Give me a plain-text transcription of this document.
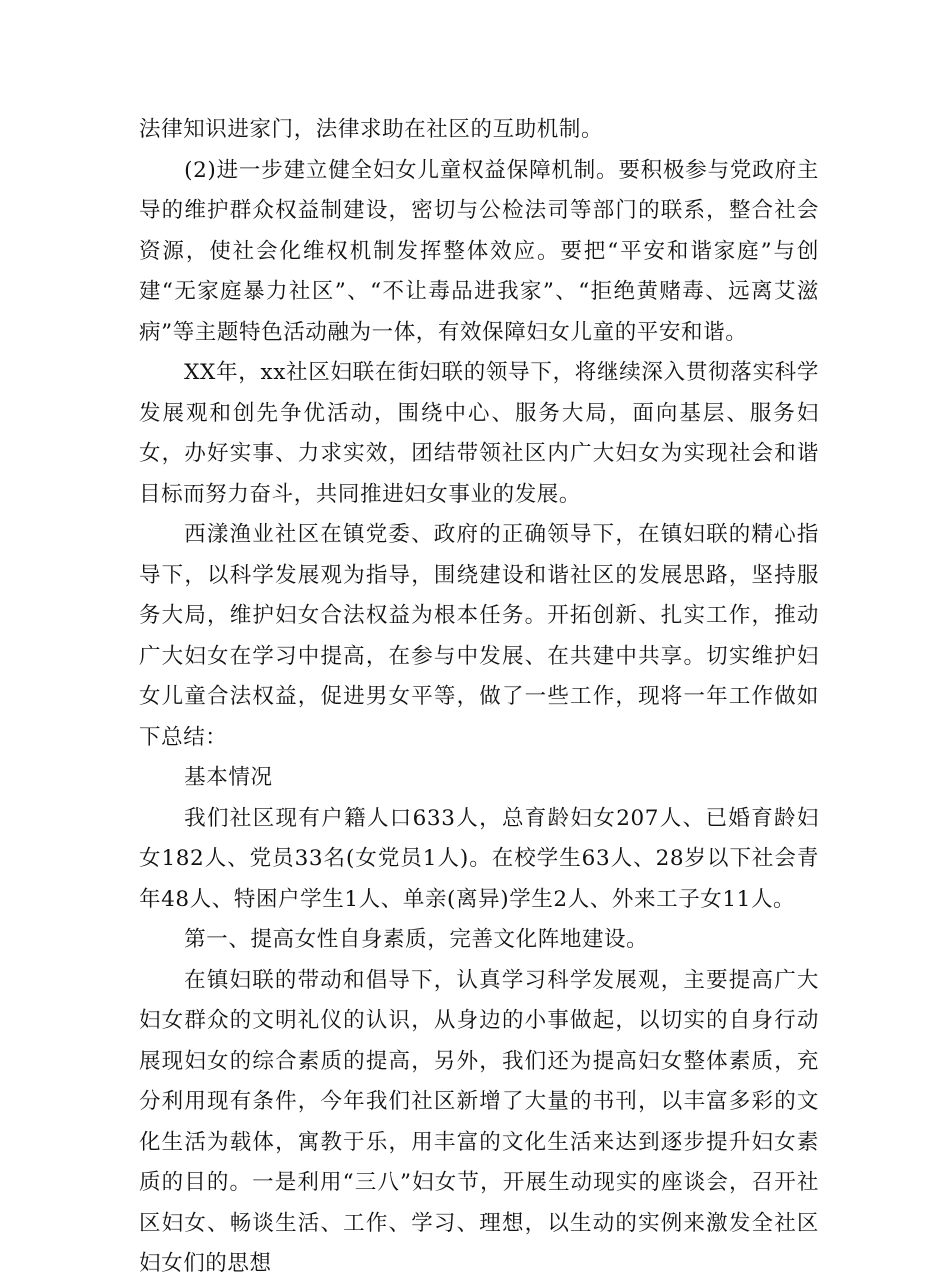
法律知识进家门，法律求助在社区的互助机制。

(2)进一步建立健全妇女儿童权益保障机制。要积极参与党政府主导的维护群众权益制建设，密切与公检法司等部门的联系，整合社会资源，使社会化维权机制发挥整体效应。要把“平安和谐家庭”与创建“无家庭暴力社区”、“不让毒品进我家”、“拒绝黄赌毒、远离艾滋病”等主题特色活动融为一体，有效保障妇女儿童的平安和谐。

XX年，xx社区妇联在街妇联的领导下，将继续深入贯彻落实科学发展观和创先争优活动，围绕中心、服务大局，面向基层、服务妇女，办好实事、力求实效，团结带领社区内广大妇女为实现社会和谐目标而努力奋斗，共同推进妇女事业的发展。

西漾渔业社区在镇党委、政府的正确领导下，在镇妇联的精心指导下，以科学发展观为指导，围绕建设和谐社区的发展思路，坚持服务大局，维护妇女合法权益为根本任务。开拓创新、扎实工作，推动广大妇女在学习中提高，在参与中发展、在共建中共享。切实维护妇女儿童合法权益，促进男女平等，做了一些工作，现将一年工作做如下总结：

基本情况

我们社区现有户籍人口633人，总育龄妇女207人、已婚育龄妇女182人、党员33名(女党员1人)。在校学生63人、28岁以下社会青年48人、特困户学生1人、单亲(离异)学生2人、外来工子女11人。

第一、提高女性自身素质，完善文化阵地建设。

在镇妇联的带动和倡导下，认真学习科学发展观，主要提高广大妇女群众的文明礼仪的认识，从身边的小事做起，以切实的自身行动展现妇女的综合素质的提高，另外，我们还为提高妇女整体素质，充分利用现有条件，今年我们社区新增了大量的书刊，以丰富多彩的文化生活为载体，寓教于乐，用丰富的文化生活来达到逐步提升妇女素质的目的。一是利用“三八”妇女节，开展生动现实的座谈会，召开社区妇女、畅谈生活、工作、学习、理想，以生动的实例来激发全社区妇女们的思想
